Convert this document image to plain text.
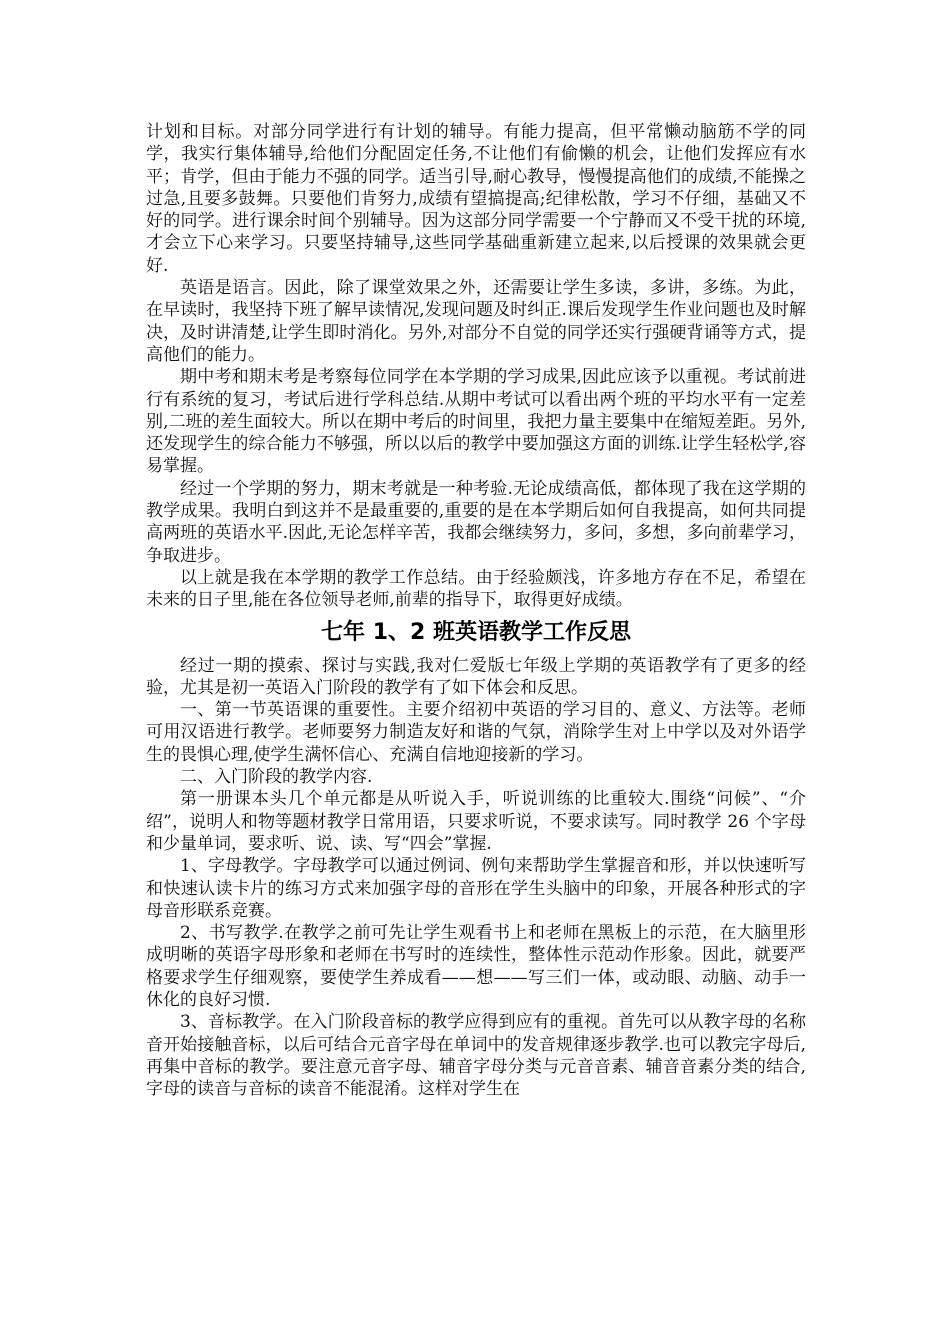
计划和目标。对部分同学进行有计划的辅导。有能力提高，但平常懒动脑筋不学的同学，我实行集体辅导,给他们分配固定任务,不让他们有偷懒的机会，让他们发挥应有水平；肯学，但由于能力不强的同学。适当引导,耐心教导，慢慢提高他们的成绩,不能操之过急,且要多鼓舞。只要他们肯努力,成绩有望搞提高;纪律松散，学习不仔细，基础又不好的同学。进行课余时间个别辅导。因为这部分同学需要一个宁静而又不受干扰的环境,才会立下心来学习。只要坚持辅导,这些同学基础重新建立起来,以后授课的效果就会更好.

英语是语言。因此，除了课堂效果之外，还需要让学生多读，多讲，多练。为此，在早读时，我坚持下班了解早读情况,发现问题及时纠正.课后发现学生作业问题也及时解决，及时讲清楚,让学生即时消化。另外,对部分不自觉的同学还实行强硬背诵等方式，提高他们的能力。

期中考和期末考是考察每位同学在本学期的学习成果,因此应该予以重视。考试前进行有系统的复习，考试后进行学科总结.从期中考试可以看出两个班的平均水平有一定差别,二班的差生面较大。所以在期中考后的时间里，我把力量主要集中在缩短差距。另外,还发现学生的综合能力不够强，所以以后的教学中要加强这方面的训练.让学生轻松学,容易掌握。

经过一个学期的努力，期末考就是一种考验.无论成绩高低，都体现了我在这学期的教学成果。我明白到这并不是最重要的,重要的是在本学期后如何自我提高，如何共同提高两班的英语水平.因此,无论怎样辛苦，我都会继续努力，多问，多想，多向前辈学习，争取进步。

以上就是我在本学期的教学工作总结。由于经验颇浅，许多地方存在不足，希望在未来的日子里,能在各位领导老师,前辈的指导下，取得更好成绩。

七年 1、2 班英语教学工作反思

经过一期的摸索、探讨与实践,我对仁爱版七年级上学期的英语教学有了更多的经验，尤其是初一英语入门阶段的教学有了如下体会和反思。

一、第一节英语课的重要性。主要介绍初中英语的学习目的、意义、方法等。老师可用汉语进行教学。老师要努力制造友好和谐的气氛，消除学生对上中学以及对外语学生的畏惧心理,使学生满怀信心、充满自信地迎接新的学习。

二、入门阶段的教学内容.

第一册课本头几个单元都是从听说入手，听说训练的比重较大.围绕“问候”、“介绍”，说明人和物等题材教学日常用语，只要求听说，不要求读写。同时教学 26 个字母和少量单词，要求听、说、读、写“四会”掌握.

1、字母教学。字母教学可以通过例词、例句来帮助学生掌握音和形，并以快速听写和快速认读卡片的练习方式来加强字母的音形在学生头脑中的印象，开展各种形式的字母音形联系竞赛。

2、书写教学.在教学之前可先让学生观看书上和老师在黑板上的示范，在大脑里形成明晰的英语字母形象和老师在书写时的连续性，整体性示范动作形象。因此，就要严格要求学生仔细观察，要使学生养成看——想——写三们一体，或动眼、动脑、动手一休化的良好习惯.

3、音标教学。在入门阶段音标的教学应得到应有的重视。首先可以从教字母的名称音开始接触音标，以后可结合元音字母在单词中的发音规律逐步教学.也可以教完字母后,再集中音标的教学。要注意元音字母、辅音字母分类与元音音素、辅音音素分类的结合,字母的读音与音标的读音不能混淆。这样对学生在
